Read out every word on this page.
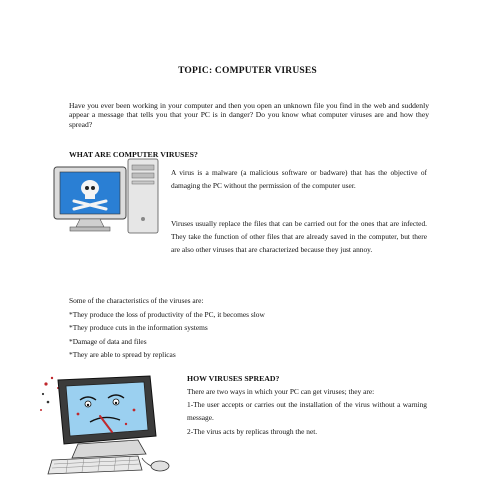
TOPIC: COMPUTER VIRUSES
Have you ever been working in your computer and then you open an unknown file you find in the web and suddenly appear a message that tells you that your PC is in danger? Do you know what computer viruses are and how they spread?
WHAT ARE COMPUTER VIRUSES?
A virus is a malware (a malicious software or badware) that has the objective of damaging the PC without the permission of the computer user.
Viruses usually replace the files that can be carried out for the ones that are infected. They take the function of other files that are already saved in the computer, but there are also other viruses that are characterized because they just annoy.
Some of the characteristics of the viruses are:
*They produce the loss of productivity of the PC, it becomes slow
*They produce cuts in the information systems
*Damage of data and files
*They are able to spread by replicas
HOW VIRUSES SPREAD?
There are two ways in which your PC can get viruses; they are:
1-The user accepts or carries out the installation of the virus without a warning message.
2-The virus acts by replicas through the net.
